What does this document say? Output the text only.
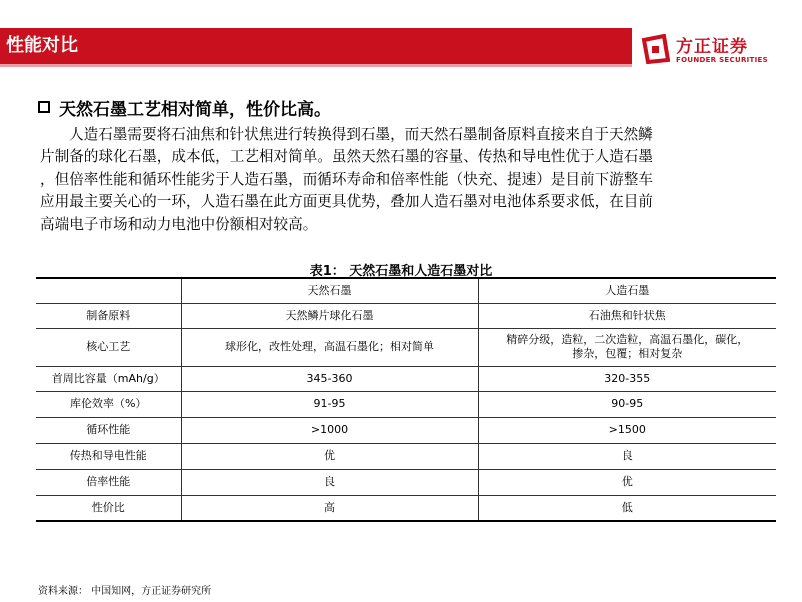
性能对比	方正证券
FOUNDER SECURITIES
天然石墨工艺相对简单，性价比高。
人造石墨需要将石油焦和针状焦进行转换得到石墨，而天然石墨制备原料直接来自于天然鳞
片制备的球化石墨，成本低，工艺相对简单。虽然天然石墨的容量、传热和导电性优于人造石墨
，但倍率性能和循环性能劣于人造石墨，而循环寿命和倍率性能（快充、提速）是目前下游整车
应用最主要关心的一环，人造石墨在此方面更具优势，叠加人造石墨对电池体系要求低，在目前
高端电子市场和动力电池中份额相对较高。
表1： 天然石墨和人造石墨对比
	天然石墨	人造石墨
制备原料	天然鳞片球化石墨	石油焦和针状焦
核心工艺	球形化，改性处理，高温石墨化；相对简单	精碎分级，造粒，二次造粒，高温石墨化，碳化，
掺杂，包覆；相对复杂

首周比容量（mAh/g）	345-360	320-355
库伦效率（%）	91-95	90-95
循环性能	>1000	>1500
传热和导电性能	优	良
倍率性能	良	优
性价比	高	低
资料来源： 中国知网，方正证券研究所
